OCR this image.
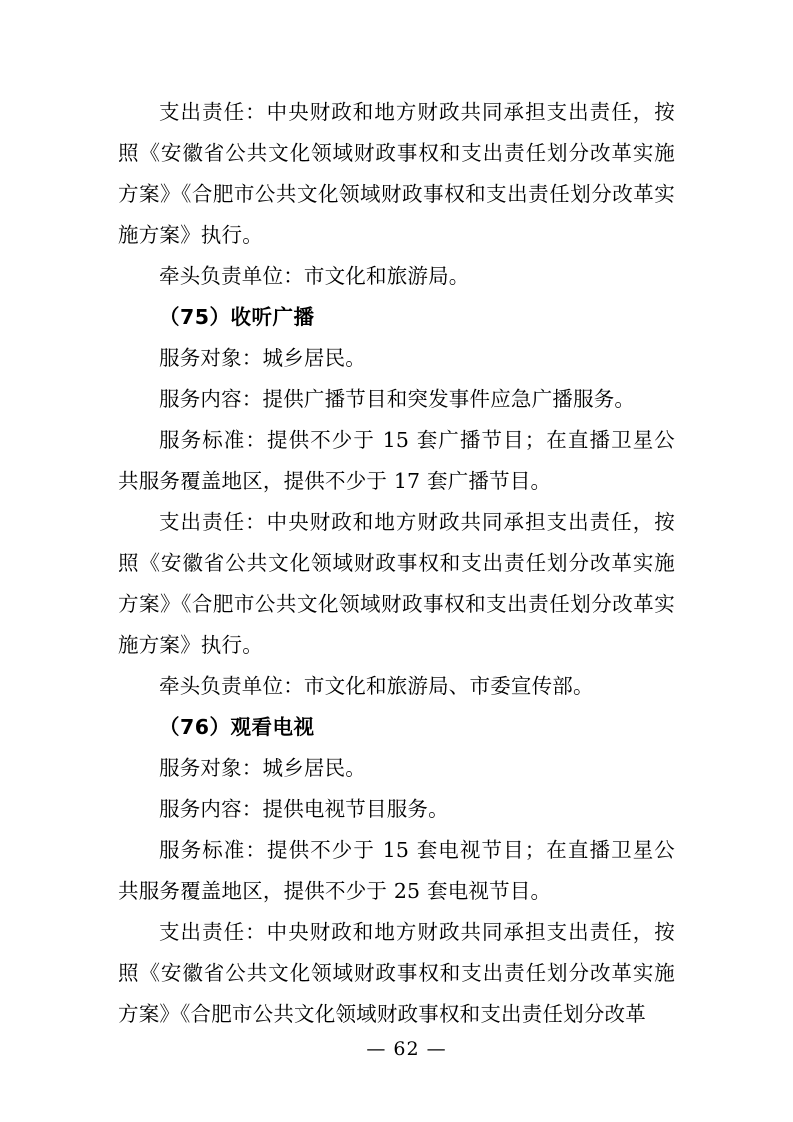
支出责任：中央财政和地方财政共同承担支出责任，按照《安徽省公共文化领域财政事权和支出责任划分改革实施方案》《合肥市公共文化领域财政事权和支出责任划分改革实施方案》执行。

牵头负责单位：市文化和旅游局。

（75）收听广播

服务对象：城乡居民。

服务内容：提供广播节目和突发事件应急广播服务。

服务标准：提供不少于 15 套广播节目；在直播卫星公共服务覆盖地区，提供不少于 17 套广播节目。

支出责任：中央财政和地方财政共同承担支出责任，按照《安徽省公共文化领域财政事权和支出责任划分改革实施方案》《合肥市公共文化领域财政事权和支出责任划分改革实施方案》执行。

牵头负责单位：市文化和旅游局、市委宣传部。

（76）观看电视

服务对象：城乡居民。

服务内容：提供电视节目服务。

服务标准：提供不少于 15 套电视节目；在直播卫星公共服务覆盖地区，提供不少于 25 套电视节目。

支出责任：中央财政和地方财政共同承担支出责任，按照《安徽省公共文化领域财政事权和支出责任划分改革实施方案》《合肥市公共文化领域财政事权和支出责任划分改革

— 62 —
